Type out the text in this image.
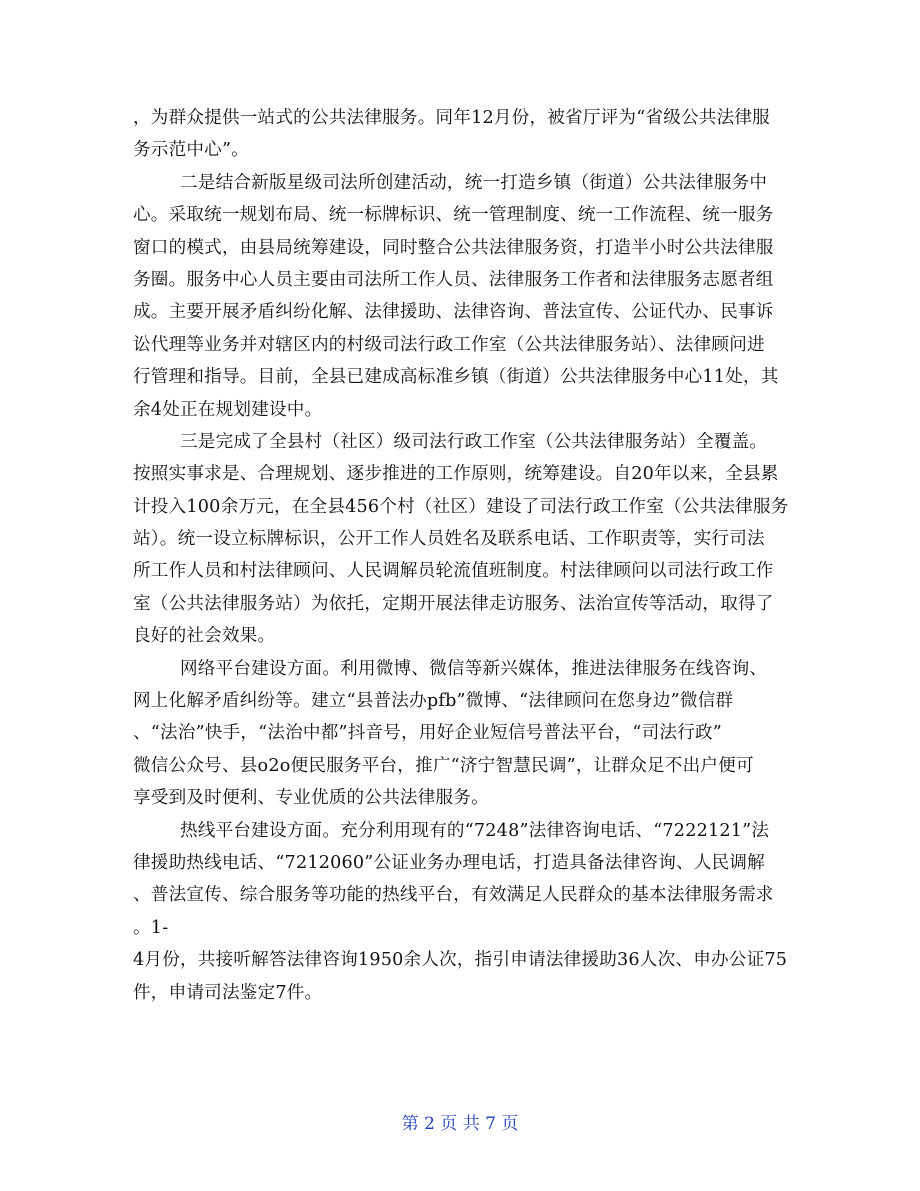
，为群众提供一站式的公共法律服务。同年12月份，被省厅评为“省级公共法律服
务示范中心”。
二是结合新版星级司法所创建活动，统一打造乡镇（街道）公共法律服务中
心。采取统一规划布局、统一标牌标识、统一管理制度、统一工作流程、统一服务
窗口的模式，由县局统筹建设，同时整合公共法律服务资，打造半小时公共法律服
务圈。服务中心人员主要由司法所工作人员、法律服务工作者和法律服务志愿者组
成。主要开展矛盾纠纷化解、法律援助、法律咨询、普法宣传、公证代办、民事诉
讼代理等业务并对辖区内的村级司法行政工作室（公共法律服务站）、法律顾问进
行管理和指导。目前，全县已建成高标准乡镇（街道）公共法律服务中心11处，其
余4处正在规划建设中。
三是完成了全县村（社区）级司法行政工作室（公共法律服务站）全覆盖。
按照实事求是、合理规划、逐步推进的工作原则，统筹建设。自20年以来，全县累
计投入100余万元，在全县456个村（社区）建设了司法行政工作室（公共法律服务
站）。统一设立标牌标识，公开工作人员姓名及联系电话、工作职责等，实行司法
所工作人员和村法律顾问、人民调解员轮流值班制度。村法律顾问以司法行政工作
室（公共法律服务站）为依托，定期开展法律走访服务、法治宣传等活动，取得了
良好的社会效果。
网络平台建设方面。利用微博、微信等新兴媒体，推进法律服务在线咨询、
网上化解矛盾纠纷等。建立“县普法办pfb”微博、“法律顾问在您身边”微信群
、“法治”快手，“法治中都”抖音号，用好企业短信号普法平台，“司法行政”
微信公众号、县o2o便民服务平台，推广“济宁智慧民调”，让群众足不出户便可
享受到及时便利、专业优质的公共法律服务。
热线平台建设方面。充分利用现有的“7248”法律咨询电话、“7222121”法
律援助热线电话、“7212060”公证业务办理电话，打造具备法律咨询、人民调解
、普法宣传、综合服务等功能的热线平台，有效满足人民群众的基本法律服务需求
。1-
4月份，共接听解答法律咨询1950余人次，指引申请法律援助36人次、申办公证75
件，申请司法鉴定7件。
第 2 页 共 7 页
